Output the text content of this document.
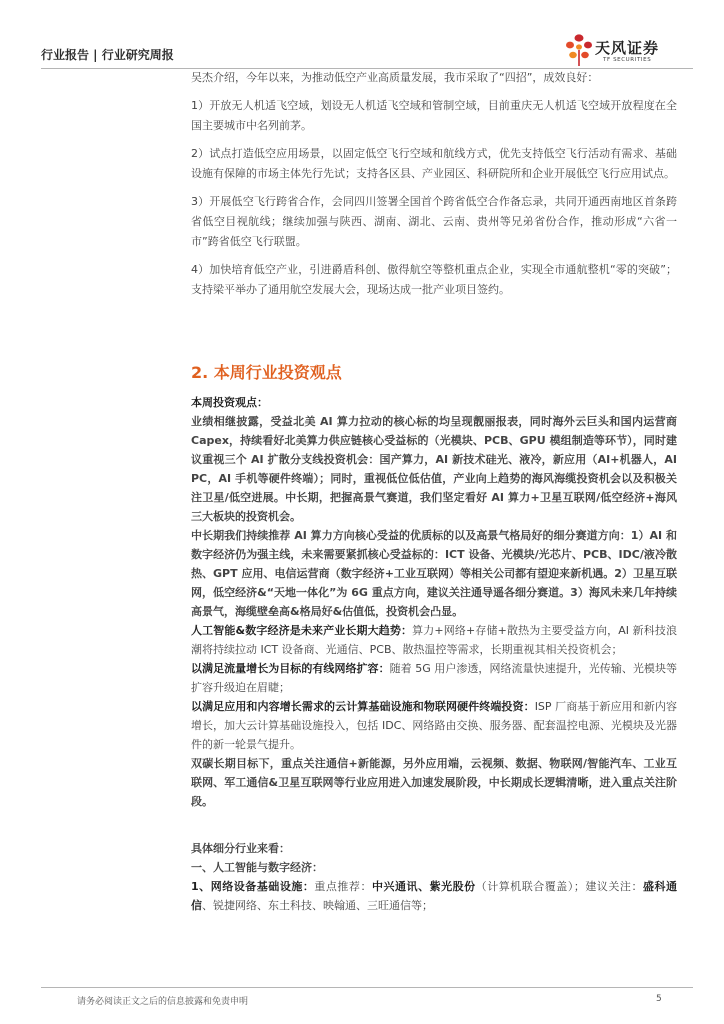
行业报告 | 行业研究周报	天风证券
TF SECURITIES

吴杰介绍，今年以来，为推动低空产业高质量发展，我市采取了“四招”，成效良好：

1）开放无人机适飞空域，划设无人机适飞空域和管制空域，目前重庆无人机适飞空域开放程度在全国主要城市中名列前茅。

2）试点打造低空应用场景，以固定低空飞行空域和航线方式，优先支持低空飞行活动有需求、基础设施有保障的市场主体先行先试；支持各区县、产业园区、科研院所和企业开展低空飞行应用试点。

3）开展低空飞行跨省合作，会同四川签署全国首个跨省低空合作备忘录，共同开通西南地区首条跨省低空目视航线；继续加强与陕西、湖南、湖北、云南、贵州等兄弟省份合作，推动形成“六省一市”跨省低空飞行联盟。

4）加快培育低空产业，引进爵盾科创、傲得航空等整机重点企业，实现全市通航整机“零的突破”；支持梁平举办了通用航空发展大会，现场达成一批产业项目签约。

2. 本周行业投资观点

本周投资观点：

业绩相继披露，受益北美 AI 算力拉动的核心标的均呈现靓丽报表，同时海外云巨头和国内运营商 Capex，持续看好北美算力供应链核心受益标的（光模块、PCB、GPU 模组制造等环节），同时建议重视三个 AI 扩散分支线投资机会：国产算力，AI 新技术硅光、液冷，新应用（AI+机器人，AI PC，AI 手机等硬件终端）；同时，重视低位低估值，产业向上趋势的海风海缆投资机会以及积极关注卫星/低空进展。中长期，把握高景气赛道，我们坚定看好 AI 算力+卫星互联网/低空经济+海风三大板块的投资机会。

中长期我们持续推荐 AI 算力方向核心受益的优质标的以及高景气格局好的细分赛道方向：1）AI 和数字经济仍为强主线，未来需要紧抓核心受益标的：ICT 设备、光模块/光芯片、PCB、IDC/液冷散热、GPT 应用、电信运营商（数字经济+工业互联网）等相关公司都有望迎来新机遇。2）卫星互联网，低空经济&“天地一体化”为 6G 重点方向，建议关注通导遥各细分赛道。3）海风未来几年持续高景气，海缆壁垒高&格局好&估值低，投资机会凸显。

人工智能&数字经济是未来产业长期大趋势：算力+网络+存储+散热为主要受益方向，AI 新科技浪潮将持续拉动 ICT 设备商、光通信、PCB、散热温控等需求，长期重视其相关投资机会；

以满足流量增长为目标的有线网络扩容：随着 5G 用户渗透，网络流量快速提升，光传输、光模块等扩容升级迫在眉睫；

以满足应用和内容增长需求的云计算基础设施和物联网硬件终端投资：ISP 厂商基于新应用和新内容增长，加大云计算基础设施投入，包括 IDC、网络路由交换、服务器、配套温控电源、光模块及光器件的新一轮景气提升。

双碳长期目标下，重点关注通信+新能源，另外应用端，云视频、数据、物联网/智能汽车、工业互联网、军工通信&卫星互联网等行业应用进入加速发展阶段，中长期成长逻辑清晰，进入重点关注阶段。

具体细分行业来看：

一、人工智能与数字经济：

1、网络设备基础设施：重点推荐：中兴通讯、紫光股份（计算机联合覆盖）；建议关注：盛科通信、锐捷网络、东土科技、映翰通、三旺通信等；

请务必阅读正文之后的信息披露和免责申明	5
